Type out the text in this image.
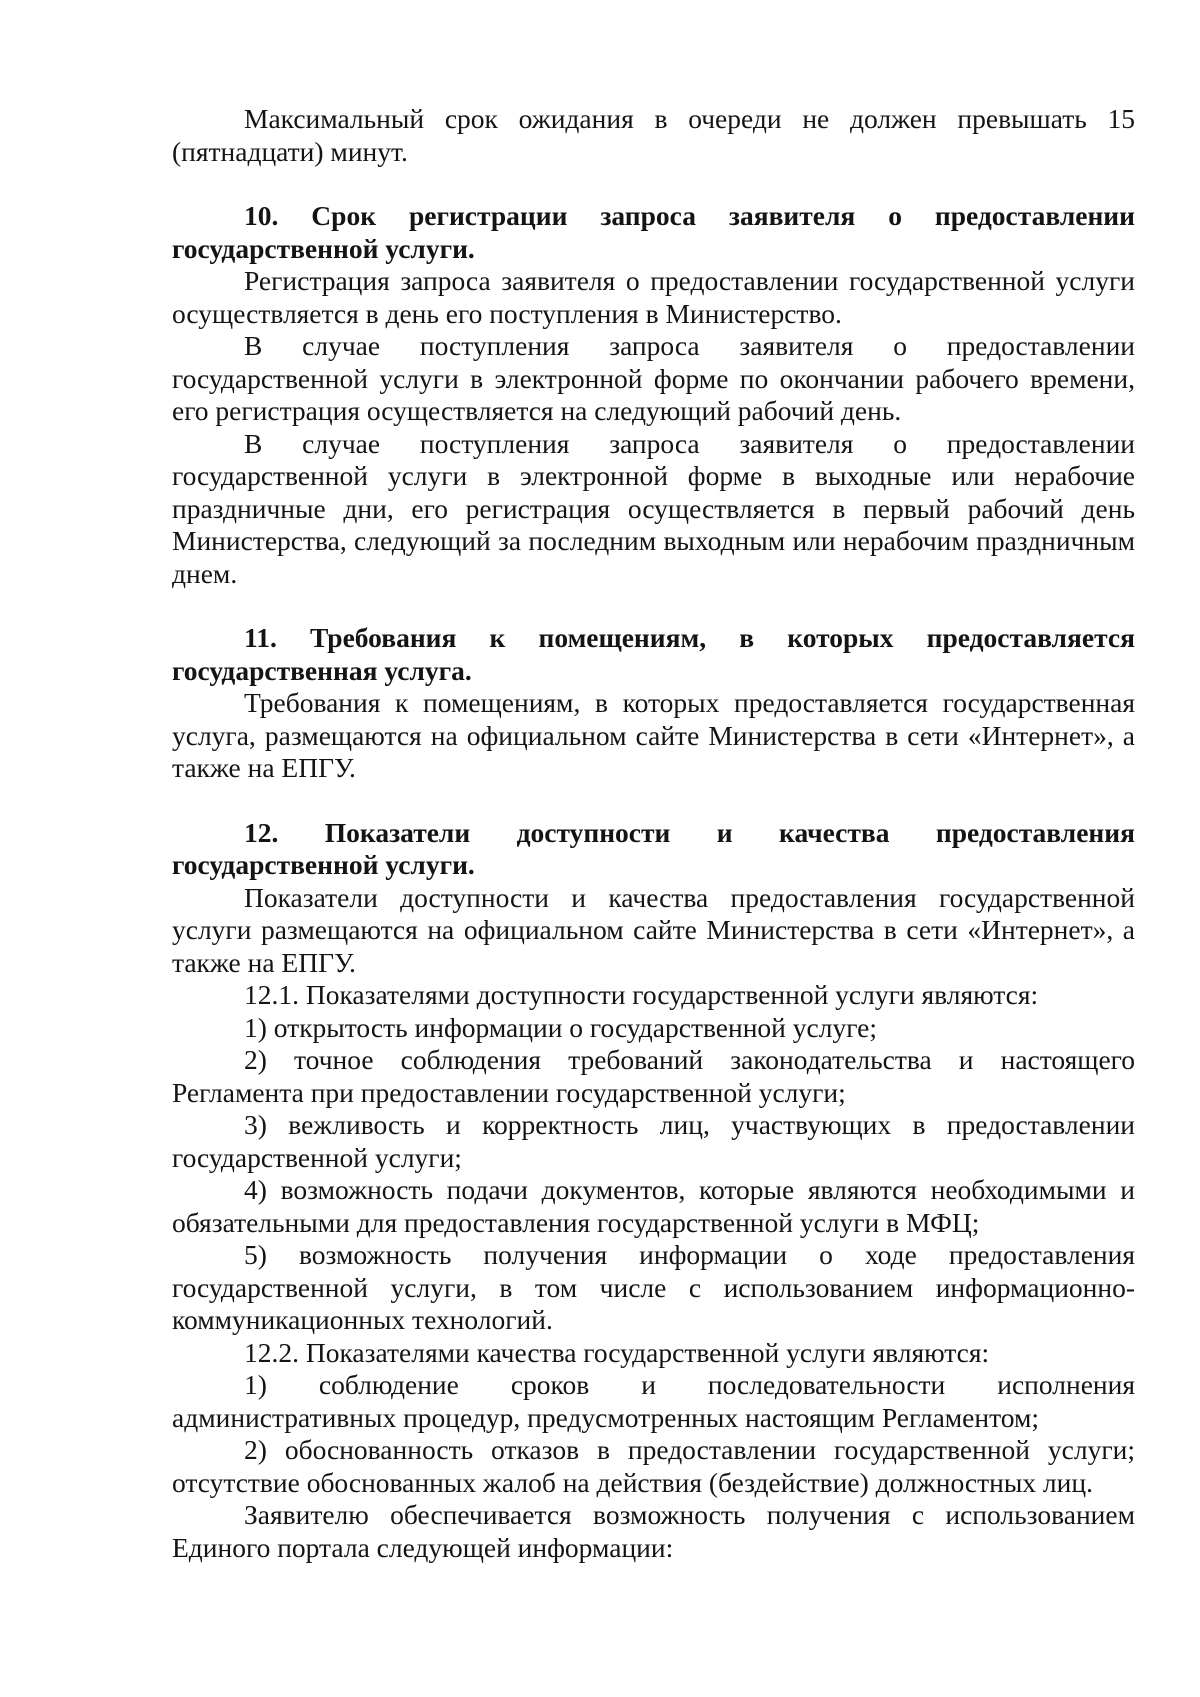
Максимальный срок ожидания в очереди не должен превышать 15 (пятнадцати) минут.

10. Срок регистрации запроса заявителя о предоставлении государственной услуги.

Регистрация запроса заявителя о предоставлении государственной услуги осуществляется в день его поступления в Министерство.

В случае поступления запроса заявителя о предоставлении государственной услуги в электронной форме по окончании рабочего времени, его регистрация осуществляется на следующий рабочий день.

В случае поступления запроса заявителя о предоставлении государственной услуги в электронной форме в выходные или нерабочие праздничные дни, его регистрация осуществляется в первый рабочий день Министерства, следующий за последним выходным или нерабочим праздничным днем.

11. Требования к помещениям, в которых предоставляется государственная услуга.

Требования к помещениям, в которых предоставляется государственная услуга, размещаются на официальном сайте Министерства в сети «Интернет», а также на ЕПГУ.

12. Показатели доступности и качества предоставления государственной услуги.

Показатели доступности и качества предоставления государственной услуги размещаются на официальном сайте Министерства в сети «Интернет», а также на ЕПГУ.

12.1. Показателями доступности государственной услуги являются:

1) открытость информации о государственной услуге;

2) точное соблюдения требований законодательства и настоящего Регламента при предоставлении государственной услуги;

3) вежливость и корректность лиц, участвующих в предоставлении государственной услуги;

4) возможность подачи документов, которые являются необходимыми и обязательными для предоставления государственной услуги в МФЦ;

5) возможность получения информации о ходе предоставления государственной услуги, в том числе с использованием информационно-коммуникационных технологий.

12.2. Показателями качества государственной услуги являются:

1) соблюдение сроков и последовательности исполнения административных процедур, предусмотренных настоящим Регламентом;

2) обоснованность отказов в предоставлении государственной услуги; отсутствие обоснованных жалоб на действия (бездействие) должностных лиц.

Заявителю обеспечивается возможность получения с использованием Единого портала следующей информации:
